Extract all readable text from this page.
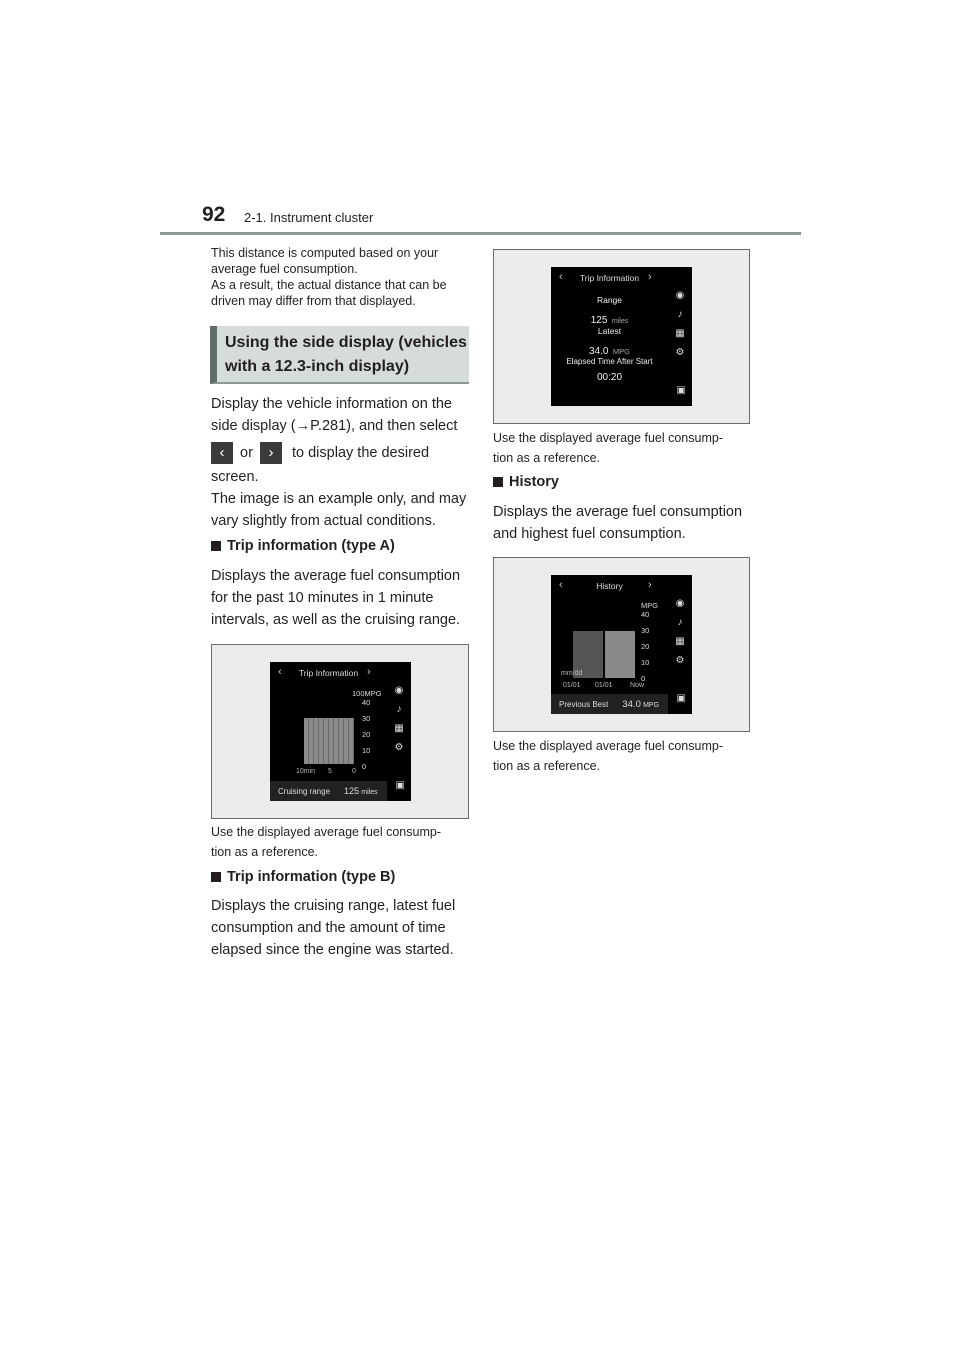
92 2-1. Instrument cluster
This distance is computed based on your
average fuel consumption.
As a result, the actual distance that can be
driven may differ from that displayed.
Using the side display (vehicles
with a 12.3-inch display)
Display the vehicle information on the
side display (→P.281), and then select
‹ or › to display the desired
screen.
The image is an example only, and may
vary slightly from actual conditions.
Trip information (type A)
Displays the average fuel consumption
for the past 10 minutes in 1 minute
intervals, as well as the cruising range.
‹	Trip Information ›
100MPG
40
30
20
10
0
10min 5	0
◉
♪
▦
⚙
▣
Cruising range 125 miles
Use the displayed average fuel consump-
tion as a reference.
Trip information (type B)
Displays the cruising range, latest fuel
consumption and the amount of time
elapsed since the engine was started.
‹	Trip Information ›
Range
125 miles
Latest
34.0 MPG
Elapsed Time After Start
00:20
◉
♪
▦
⚙
▣
Use the displayed average fuel consump-
tion as a reference.
History
Displays the average fuel consumption
and highest fuel consumption.
‹	History	›
MPG
40
30
20
10
0
mm/dd
01/01 01/01 Now
◉
♪
▦
⚙
▣
Previous Best 34.0 MPG
Use the displayed average fuel consump-
tion as a reference.
